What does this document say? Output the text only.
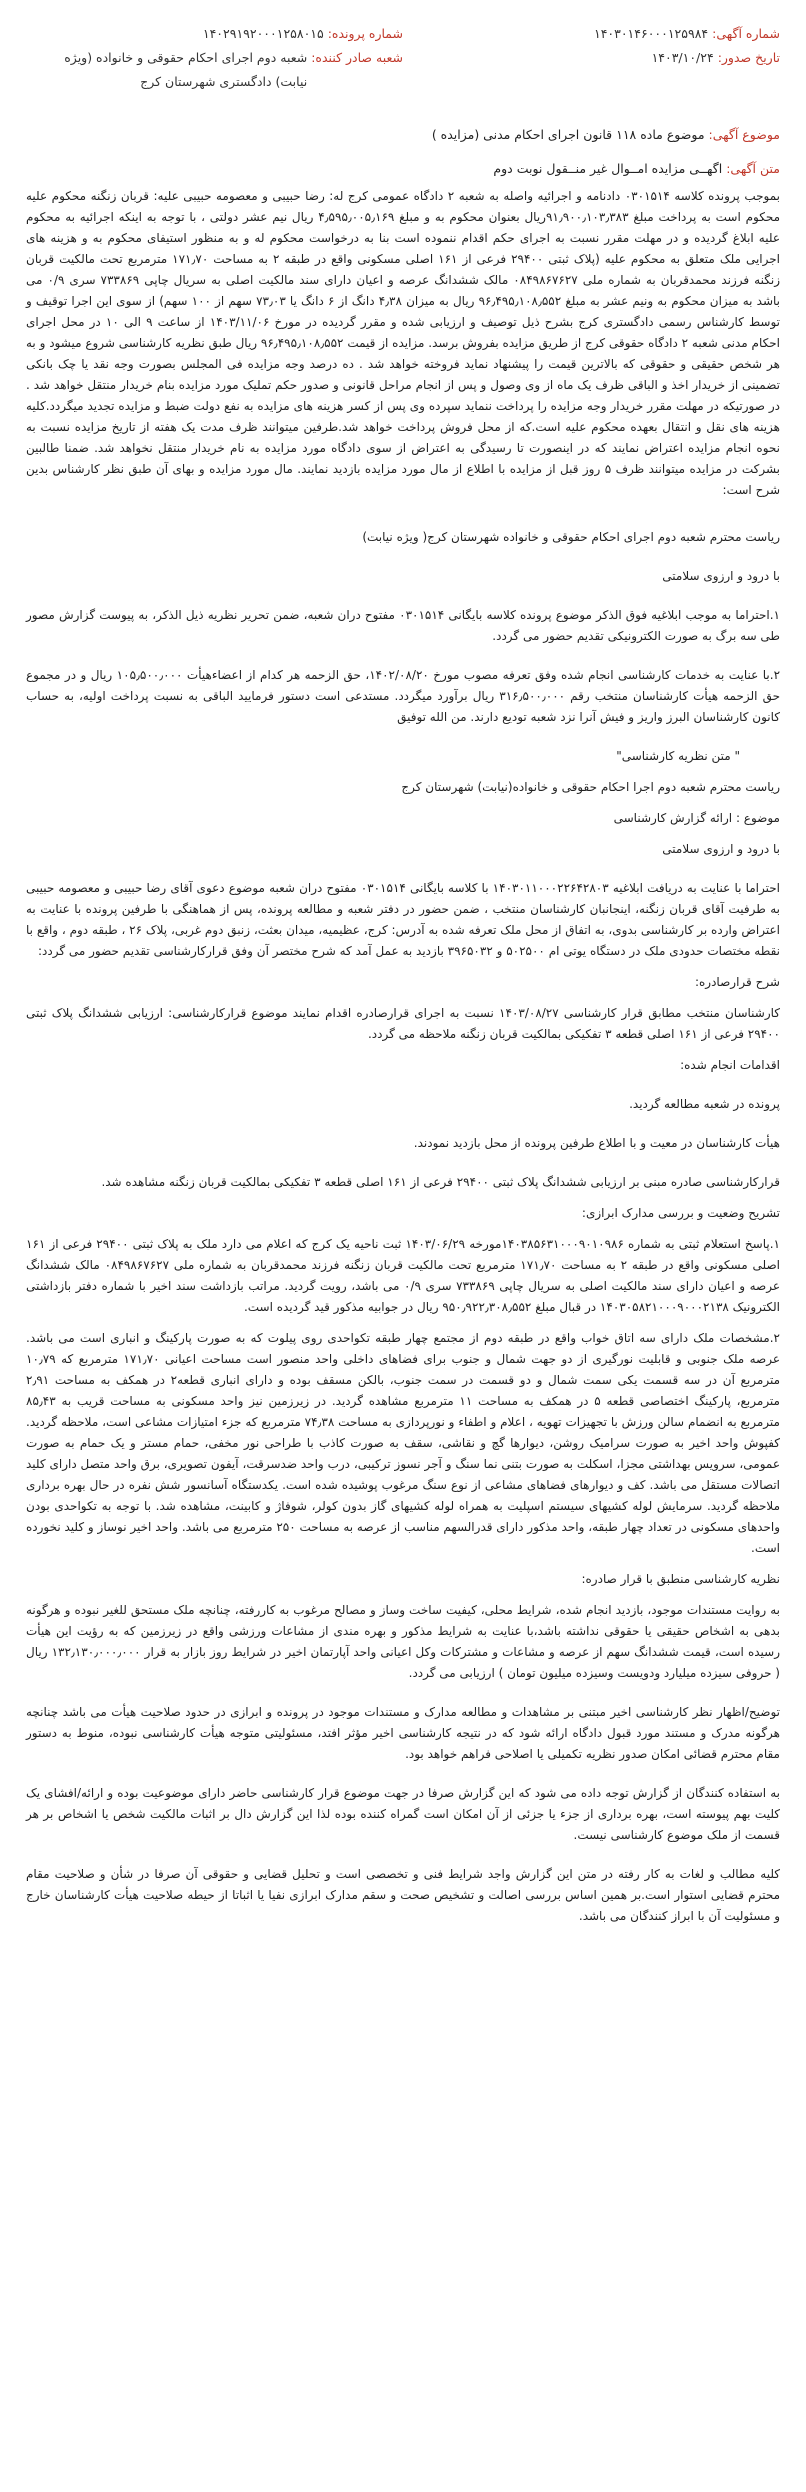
شماره آگهی: ۱۴۰۳۰۱۴۶۰۰۰۱۲۵۹۸۴
تاریخ صدور: ۱۴۰۳/۱۰/۲۴
شماره پرونده: ۱۴۰۲۹۱۹۲۰۰۰۱۲۵۸۰۱۵
شعبه صادر کننده: شعبه دوم اجرای احکام حقوقی و خانواده (ویژه نیابت) دادگستری شهرستان کرج
موضوع آگهی: موضوع ماده ۱۱۸ قانون اجرای احکام مدنی (مزایده )
متن آگهی: اگهــی مزایده امــوال غیر منــقول نوبت دوم

بموجب پرونده کلاسه ۰۳۰۱۵۱۴ دادنامه و اجرائیه واصله به شعبه ۲ دادگاه عمومی کرج له: رضا حبیبی و معصومه حبیبی علیه: قربان زنگنه محکوم علیه محکوم است به پرداخت مبلغ ۹۱٫۹۰۰٫۱۰۳٫۳۸۳ریال بعنوان محکوم به و مبلغ ۴٫۵۹۵٫۰۰۵٫۱۶۹ ریال نیم عشر دولتی ، با توجه به اینکه اجرائیه به محکوم علیه ابلاغ گردیده و در مهلت مقرر نسبت به اجرای حکم اقدام ننموده است بنا به درخواست محکوم له و به منظور استیفای محکوم به و هزینه های اجرایی ملک متعلق به محکوم علیه (پلاک ثبتی ۲۹۴۰۰ فرعی از ۱۶۱ اصلی مسکونی واقع در طبقه ۲ به مساحت ۱۷۱٫۷۰ مترمربع تحت مالکیت قربان زنگنه فرزند محمدقربان به شماره ملی ۰۸۴۹۸۶۷۶۲۷ مالک ششدانگ عرصه و اعیان دارای سند مالکیت اصلی به سریال چاپی ۷۳۳۸۶۹ سری ۰/۹ می باشد به میزان محکوم به ونیم عشر به مبلغ ۹۶٫۴۹۵٫۱۰۸٫۵۵۲ ریال به میزان ۴٫۳۸ دانگ از ۶ دانگ یا ۷۳٫۰۳ سهم از ۱۰۰ سهم) از سوی این اجرا توقیف و توسط کارشناس رسمی دادگستری کرج بشرح ذیل توصیف و ارزیابی شده و مقرر گردیده در مورخ ۱۴۰۳/۱۱/۰۶ از ساعت ۹ الی ۱۰ در محل اجرای احکام مدنی شعبه ۲ دادگاه حقوقی کرج از طریق مزایده بفروش برسد. مزایده از قیمت ۹۶٫۴۹۵٫۱۰۸٫۵۵۲ ریال طبق نظریه کارشناسی شروع میشود و به هر شخص حقیقی و حقوقی که بالاترین قیمت را پیشنهاد نماید فروخته خواهد شد . ده درصد وجه مزایده فی المجلس بصورت وجه نقد یا چک بانکی تضمینی از خریدار اخذ و الباقی ظرف یک ماه از وی وصول و پس از انجام مراحل قانونی و صدور حکم تملیک مورد مزایده بنام خریدار منتقل خواهد شد . در صورتیکه در مهلت مقرر خریدار وجه مزایده را پرداخت ننماید سپرده وی پس از کسر هزینه های مزایده به نفع دولت ضبط و مزایده تجدید میگردد.کلیه هزینه های نقل و انتقال بعهده محکوم علیه است.که از محل فروش پرداخت خواهد شد.طرفین میتوانند ظرف مدت یک هفته از تاریخ مزایده نسبت به نحوه انجام مزایده اعتراض نمایند که در اینصورت تا رسیدگی به اعتراض از سوی دادگاه مورد مزایده به نام خریدار منتقل نخواهد شد. ضمنا طالبین بشرکت در مزایده میتوانند ظرف ۵ روز قبل از مزایده با اطلاع از مال مورد مزایده بازدید نمایند. مال مورد مزایده و بهای آن طبق نظر کارشناس بدین شرح است:

ریاست محترم شعبه دوم اجرای احکام حقوقی و خانواده شهرستان کرج( ویژه نیابت)

با درود و ارزوی سلامتی

۱.احتراما به موجب ابلاغیه فوق الذکر موضوع پرونده کلاسه بایگانی ۰۳۰۱۵۱۴ مفتوح دران شعبه، ضمن تحریر نظریه ذیل الذکر، به پیوست گزارش مصور طی سه برگ به صورت الکترونیکی تقدیم حضور می گردد.

۲.با عنایت به خدمات کارشناسی انجام شده وفق تعرفه مصوب مورخ ۱۴۰۲/۰۸/۲۰، حق الزحمه هر کدام از اعضاءهیأت ۱۰۵٫۵۰۰٫۰۰۰ ریال و در مجموع حق الزحمه هیأت کارشناسان منتخب رقم ۳۱۶٫۵۰۰٫۰۰۰ ریال برآورد میگردد. مستدعی است دستور فرمایید الباقی به نسبت پرداخت اولیه، به حساب کانون کارشناسان البرز واریز و فیش آنرا نزد شعبه تودیع دارند. من الله توفیق

" متن نظریه کارشناسی"

ریاست محترم شعبه دوم اجرا احکام حقوقی و خانواده(نیابت) شهرستان کرج

موضوع : ارائه گزارش کارشناسی

با درود و ارزوی سلامتی

احتراما با عنایت به دریافت ابلاغیه ۱۴۰۳۰۱۱۰۰۰۲۲۶۴۲۸۰۳ با کلاسه بایگانی ۰۳۰۱۵۱۴ مفتوح دران شعبه موضوع دعوی آقای رضا حبیبی و معصومه حبیبی به طرفیت آقای قربان زنگنه، اینجانبان کارشناسان منتخب ، ضمن حضور در دفتر شعبه و مطالعه پرونده، پس از هماهنگی با طرفین پرونده با عنایت به اعتراض وارده بر کارشناسی بدوی، به اتفاق از محل ملک تعرفه شده به آدرس: کرج، عظیمیه، میدان بعثت، زنبق دوم غربی، پلاک ۲۶ ، طبقه دوم ، واقع با نقطه مختصات حدودی ملک در دستگاه یوتی ام ۵۰۲۵۰۰ و ۳۹۶۵۰۳۲ بازدید به عمل آمد که شرح مختصر آن وفق قرارکارشناسی تقدیم حضور می گردد:

شرح قرارصادره:

کارشناسان منتخب مطابق قرار کارشناسی ۱۴۰۳/۰۸/۲۷ نسبت به اجرای قرارصادره اقدام نمایند موضوع قرارکارشناسی: ارزیابی ششدانگ پلاک ثبتی ۲۹۴۰۰ فرعی از ۱۶۱ اصلی قطعه ۳ تفکیکی بمالکیت قربان زنگنه ملاحظه می گردد.

اقدامات انجام شده:

پرونده در شعبه مطالعه گردید.

هیأت کارشناسان در معیت و با اطلاع طرفین پرونده از محل بازدید نمودند.

قرارکارشناسی صادره مبنی بر ارزیابی ششدانگ پلاک ثبتی ۲۹۴۰۰ فرعی از ۱۶۱ اصلی قطعه ۳ تفکیکی بمالکیت قربان زنگنه مشاهده شد.

تشریح وضعیت و بررسی مدارک ابرازی:

۱.پاسخ استعلام ثبتی به شماره ۱۴۰۳۸۵۶۳۱۰۰۰۹۰۱۰۹۸۶مورخه ۱۴۰۳/۰۶/۲۹ ثبت ناحیه یک کرج که اعلام می دارد ملک به پلاک ثبتی ۲۹۴۰۰ فرعی از ۱۶۱ اصلی مسکونی واقع در طبقه ۲ به مساحت ۱۷۱٫۷۰ مترمربع تحت مالکیت قربان زنگنه فرزند محمدقربان به شماره ملی ۰۸۴۹۸۶۷۶۲۷ مالک ششدانگ عرصه و اعیان دارای سند مالکیت اصلی به سریال چاپی ۷۳۳۸۶۹ سری ۰/۹ می باشد، رویت گردید. مراتب بازداشت سند اخیر با شماره دفتر بازداشتی الکترونیک ۱۴۰۳۰۵۸۲۱۰۰۰۹۰۰۰۲۱۳۸ در قبال مبلغ ۹۵۰٫۹۲۲٫۳۰۸٫۵۵۲ ریال در جوابیه مذکور قید گردیده است.

۲.مشخصات ملک دارای سه اتاق خواب واقع در طبقه دوم از مجتمع چهار طبقه تکواحدی روی پیلوت که به صورت پارکینگ و انباری است می باشد. عرصه ملک جنوبی و قابلیت نورگیری از دو جهت شمال و جنوب برای فضاهای داخلی واحد منصور است مساحت اعیانی ۱۷۱٫۷۰ مترمربع که ۱۰٫۷۹ مترمربع آن در سه قسمت یکی سمت شمال و دو قسمت در سمت جنوب، بالکن مسقف بوده و دارای انباری قطعه۲ در همکف به مساحت ۲٫۹۱ مترمربع، پارکینگ اختصاصی قطعه ۵ در همکف به مساحت ۱۱ مترمربع مشاهده گردید. در زیرزمین نیز واحد مسکونی به مساحت قریب به ۸۵٫۴۳ مترمربع به انضمام سالن ورزش با تجهیزات تهویه ، اعلام و اطفاء و نورپردازی به مساحت ۷۴٫۳۸ مترمربع که جزء امتیازات مشاعی است، ملاحظه گردید. کفپوش واحد اخیر به صورت سرامیک روشن، دیوارها گچ و نقاشی، سقف به صورت کاذب با طراحی نور مخفی، حمام مستر و یک حمام به صورت عمومی، سرویس بهداشتی مجزا، اسکلت به صورت بتنی نما سنگ و آجر نسوز ترکیبی، درب واحد ضدسرقت، آیفون تصویری، برق واحد متصل دارای کلید اتصالات مستقل می باشد. کف و دیوارهای فضاهای مشاعی از نوع سنگ مرغوب پوشیده شده است. یکدستگاه آسانسور شش نفره در حال بهره برداری ملاحظه گردید. سرمایش لوله کشیهای سیستم اسپلیت به همراه لوله کشیهای گاز بدون کولر، شوفاژ و کابینت، مشاهده شد. با توجه به تکواحدی بودن واحدهای مسکونی در تعداد چهار طبقه، واحد مذکور دارای قدرالسهم مناسب از عرصه به مساحت ۲۵۰ مترمربع می باشد. واحد اخیر نوساز و کلید نخورده است.

نظریه کارشناسی منطبق با قرار صادره:

به روایت مستندات موجود، بازدید انجام شده، شرایط محلی، کیفیت ساخت وساز و مصالح مرغوب به کاررفته، چنانچه ملک مستحق للغیر نبوده و هرگونه بدهی به اشخاص حقیقی یا حقوقی نداشته باشد،با عنایت به شرایط مذکور و بهره مندی از مشاعات ورزشی واقع در زیرزمین که به رؤیت این هیأت رسیده است، قیمت ششدانگ سهم از عرصه و مشاعات و مشترکات وکل اعیانی واحد آپارتمان اخیر در شرایط روز بازار به قرار ۱۳۲٫۱۳۰٫۰۰۰٫۰۰۰ ریال ( حروفی سیزده میلیارد ودویست وسیزده میلیون تومان ) ارزیابی می گردد.

توضیح/اظهار نظر کارشناسی اخیر مبتنی بر مشاهدات و مطالعه مدارک و مستندات موجود در پرونده و ابرازی در حدود صلاحیت هیأت می باشد چنانچه هرگونه مدرک و مستند مورد قبول دادگاه ارائه شود که در نتیجه کارشناسی اخیر مؤثر افتد، مسئولیتی متوجه هیأت کارشناسی نبوده، منوط به دستور مقام محترم قضائی امکان صدور نظریه تکمیلی یا اصلاحی فراهم خواهد بود.

به استفاده کنندگان از گزارش توجه داده می شود که این گزارش صرفا در جهت موضوع قرار کارشناسی حاضر دارای موضوعیت بوده و ارائه/افشای یک کلیت بهم پیوسته است، بهره برداری از جزء یا جزئی از آن امکان است گمراه کننده بوده لذا این گزارش دال بر اثبات مالکیت شخص یا اشخاص بر هر قسمت از ملک موضوع کارشناسی نیست.

کلیه مطالب و لغات به کار رفته در متن این گزارش واجد شرایط فنی و تخصصی است و تحلیل قضایی و حقوقی آن صرفا در شأن و صلاحیت مقام محترم قضایی استوار است.بر همین اساس بررسی اصالت و تشخیص صحت و سقم مدارک ابرازی نفیا یا اثباتا از حیطه صلاحیت هیأت کارشناسان خارج و مسئولیت آن با ابراز کنندگان می باشد.
